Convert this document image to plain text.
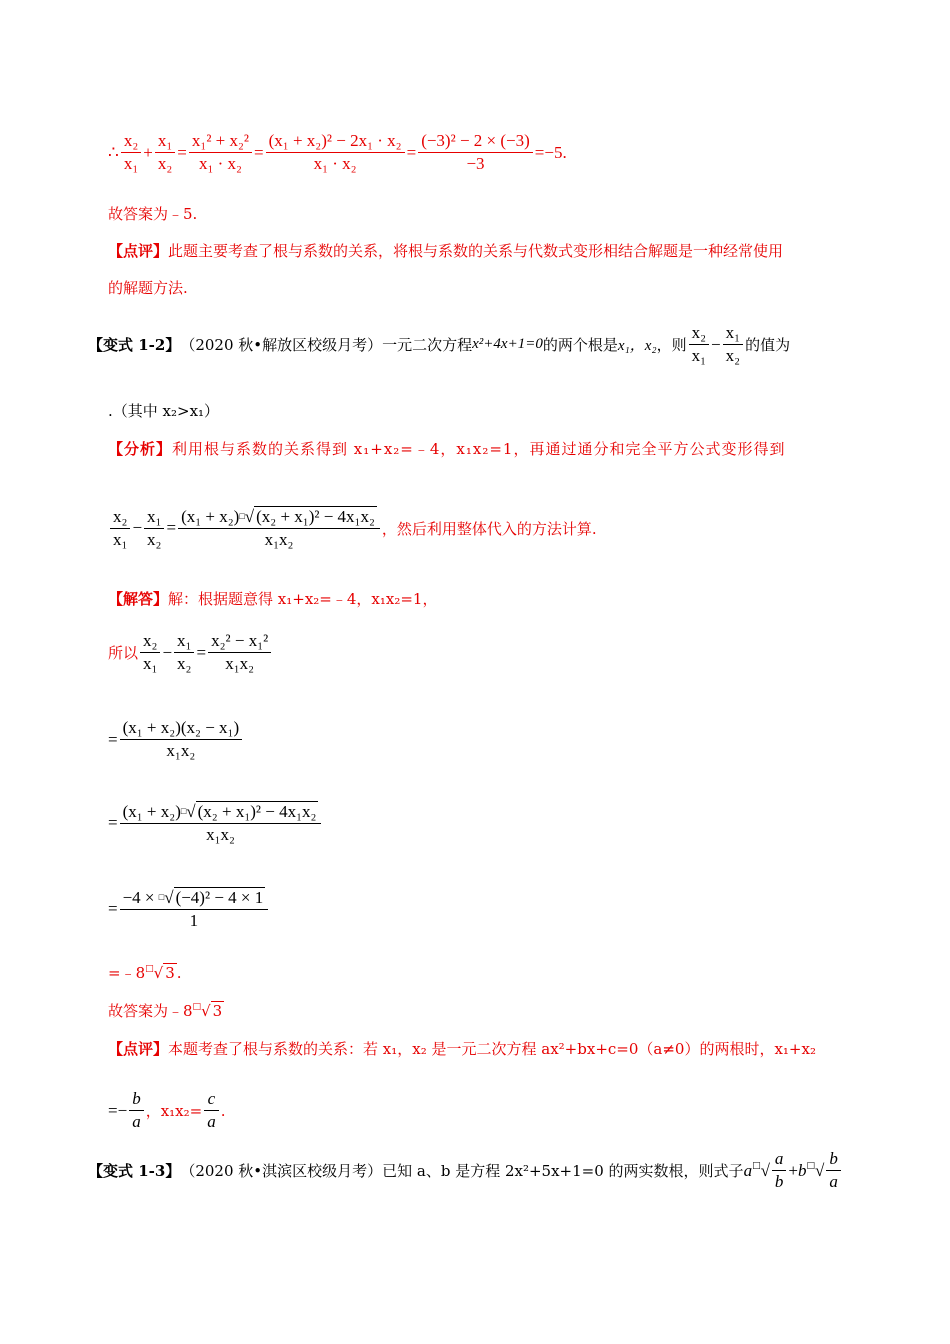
∴ $\frac{\text{x₂}}{\text{x₁}} + \frac{\text{x₁}}{\text{x₂}} = \frac{\text{x₁² + x₂²}}{\text{x₁ · x₂}} = \frac{\text{(x₁ + x₂)² − 2x₁ · x₂}}{\text{x₁ · x₂}} = \frac{\text{(−3)² − 2 × (−3)}}{-3} = -5$.
故答案为﹣5.
【点评】此题主要考查了根与系数的关系，将根与系数的关系与代数式变形相结合解题是一种经常使用
的解题方法.
【变式 1-2】 （2020 秋•解放区校级月考） 一元二次方程 x²+4x+1=0 的两个根是 x₁，x₂ ，则 $\frac{\text{x₂}}{\text{x₁}} - \frac{\text{x₁}}{\text{x₂}}$ 的值为
.（其中 x₂>x₁）
【分析】利用根与系数的关系得到 x₁+x₂=﹣4，x₁x₂=1，再通过通分和完全平方公式变形得到
$\frac{\text{x₂}}{\text{x₁}} - \frac{\text{x₁}}{\text{x₂}} = \frac{(x_1 + x_2)^□√ (x_2 + x_1)^2 - 4x_1x_2}{\text{x₁x₂}}$ ，然后利用整体代入的方法计算.
【解答】解：根据题意得 x₁+x₂=﹣4，x₁x₂=1，
所以 $\frac{\text{x₂}}{\text{x₁}} - \frac{\text{x₁}}{\text{x₂}} = \frac{\text{x₂² − x₁²}}{\text{x₁x₂}}$
= $\frac{\text{(x₁ + x₂)(x₂ − x₁)}}{\text{x₁x₂}}$
= $\frac{(x_1 + x_2)^□√ (x_2 + x_1)^2 - 4x_1x_2}{\text{x₁x₂}}$
= $\frac{-4 \times ^□√ (-4)^2 - 4 \times 1}{1}$
=﹣8□√ 3 .
故答案为﹣8□√ 3
【点评】本题考查了根与系数的关系：若 x₁，x₂ 是一元二次方程 ax²+bx+c=0（a≠0）的两根时，x₁+x₂
=− $\frac{b}{a}$ ，$x_1x_2= \frac{c}{a}$ .
【变式 1-3】 （2020 秋•淇滨区校级月考） 已知 a、b 是方程 2x²+5x+1=0 的两实数根，则式子 a $^□√ \frac{a}{b} + b$ $^□√ \frac{b}{a}$
